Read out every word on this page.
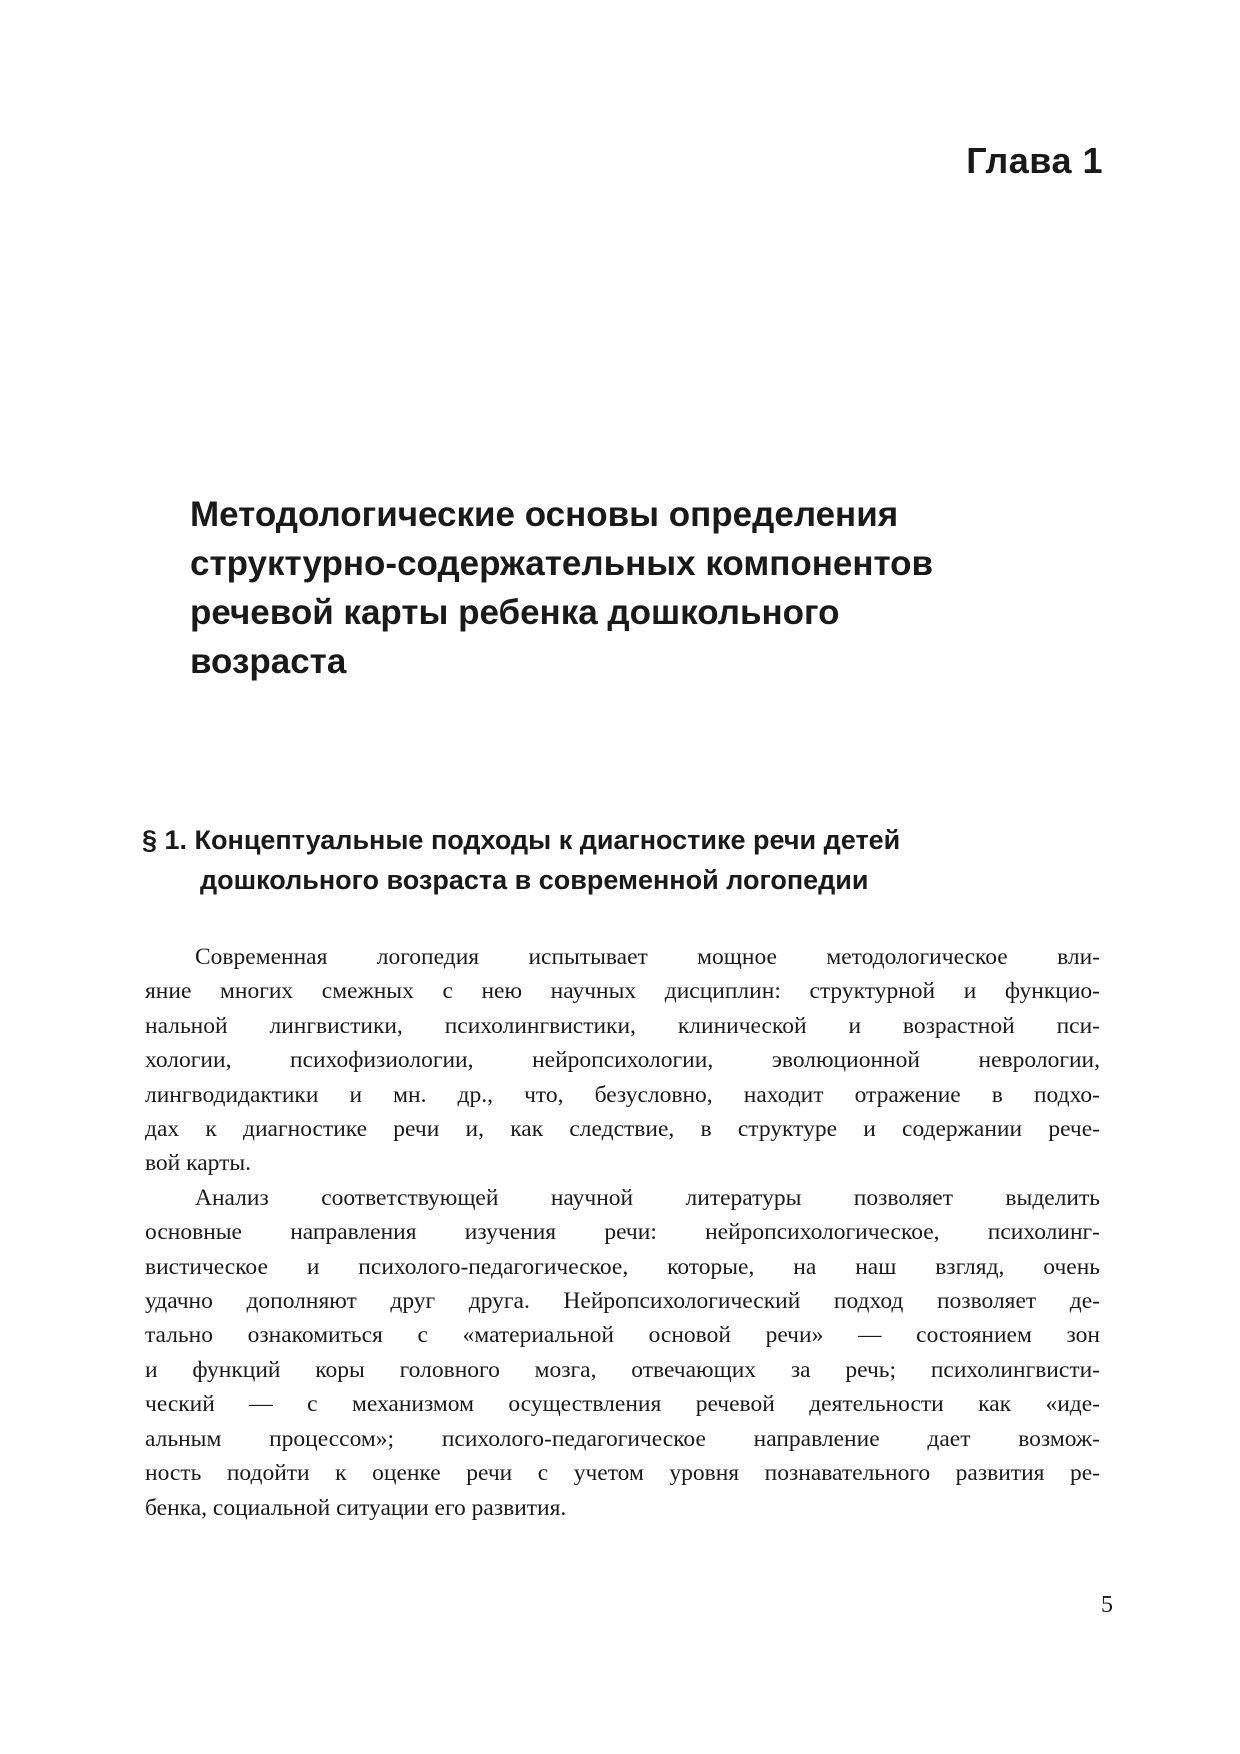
Глава 1
Методологические основы определения
структурно-содержательных компонентов
речевой карты ребенка дошкольного
возраста
§ 1. Концептуальные подходы к диагностике речи детей
дошкольного возраста в современной логопедии
Современная логопедия испытывает мощное методологическое вли-
яние многих смежных с нею научных дисциплин: структурной и функцио-
нальной лингвистики, психолингвистики, клинической и возрастной пси-
хологии, психофизиологии, нейропсихологии, эволюционной неврологии,
лингводидактики и мн. др., что, безусловно, находит отражение в подхо-
дах к диагностике речи и, как следствие, в структуре и содержании рече-
вой карты.
Анализ соответствующей научной литературы позволяет выделить
основные направления изучения речи: нейропсихологическое, психолинг-
вистическое и психолого-педагогическое, которые, на наш взгляд, очень
удачно дополняют друг друга. Нейропсихологический подход позволяет де-
тально ознакомиться с «материальной основой речи» — состоянием зон
и функций коры головного мозга, отвечающих за речь; психолингвисти-
ческий — с механизмом осуществления речевой деятельности как «иде-
альным процессом»; психолого-педагогическое направление дает возмож-
ность подойти к оценке речи с учетом уровня познавательного развития ре-
бенка, социальной ситуации его развития.
5
